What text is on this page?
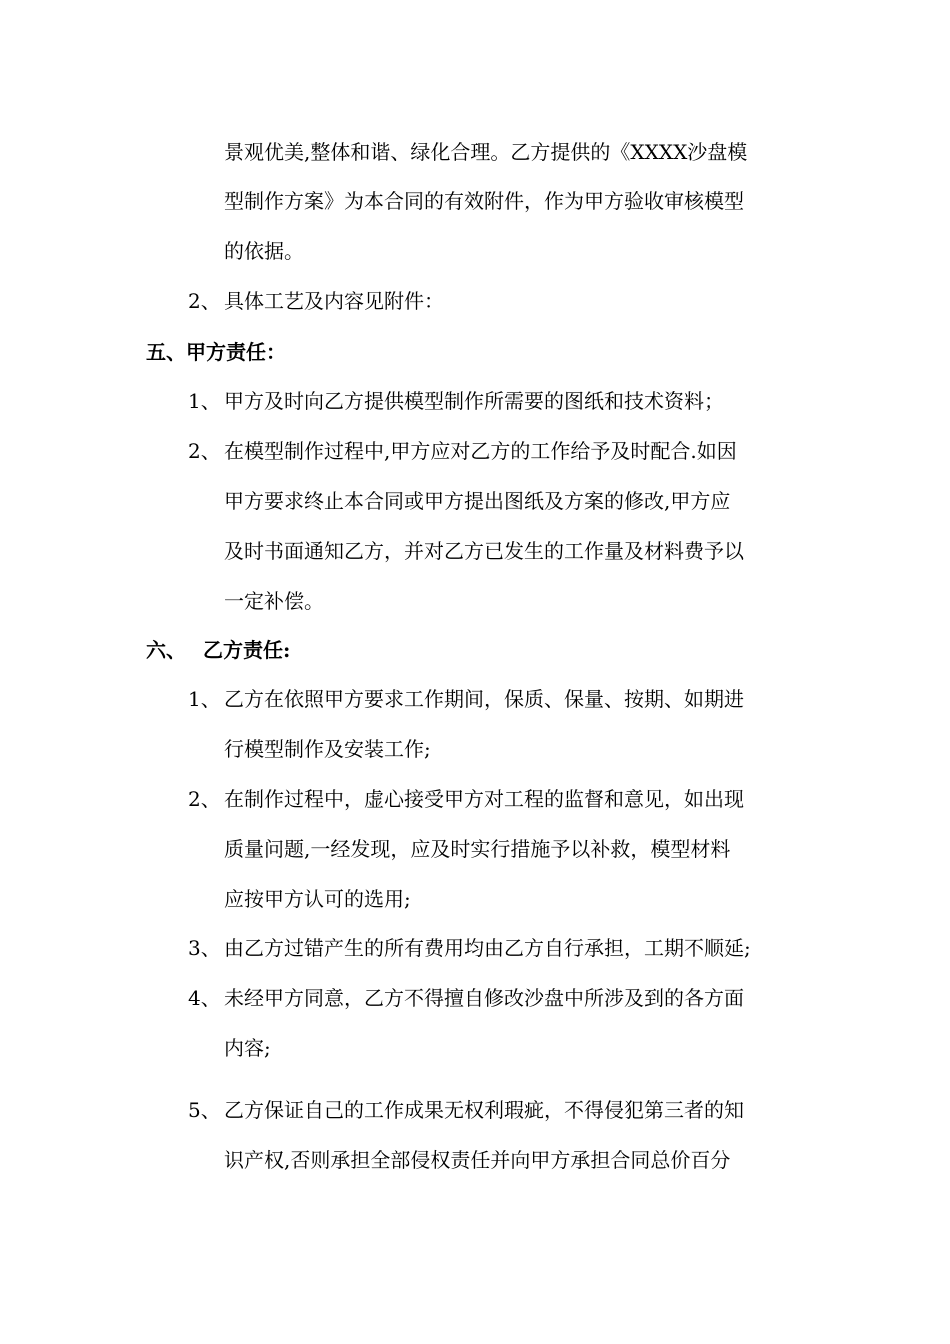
景观优美,整体和谐、绿化合理。乙方提供的《XXXX沙盘模
型制作方案》为本合同的有效附件，作为甲方验收审核模型
的依据。
2、 具体工艺及内容见附件：
五、甲方责任：
1、 甲方及时向乙方提供模型制作所需要的图纸和技术资料；
2、 在模型制作过程中,甲方应对乙方的工作给予及时配合.如因
甲方要求终止本合同或甲方提出图纸及方案的修改,甲方应
及时书面通知乙方，并对乙方已发生的工作量及材料费予以
一定补偿。
六、 乙方责任:
1、 乙方在依照甲方要求工作期间，保质、保量、按期、如期进
行模型制作及安装工作;
2、 在制作过程中，虚心接受甲方对工程的监督和意见，如出现
质量问题,一经发现，应及时实行措施予以补救，模型材料
应按甲方认可的选用;
3、 由乙方过错产生的所有费用均由乙方自行承担，工期不顺延;
4、 未经甲方同意，乙方不得擅自修改沙盘中所涉及到的各方面
内容;
5、 乙方保证自己的工作成果无权利瑕疵，不得侵犯第三者的知
识产权,否则承担全部侵权责任并向甲方承担合同总价百分
